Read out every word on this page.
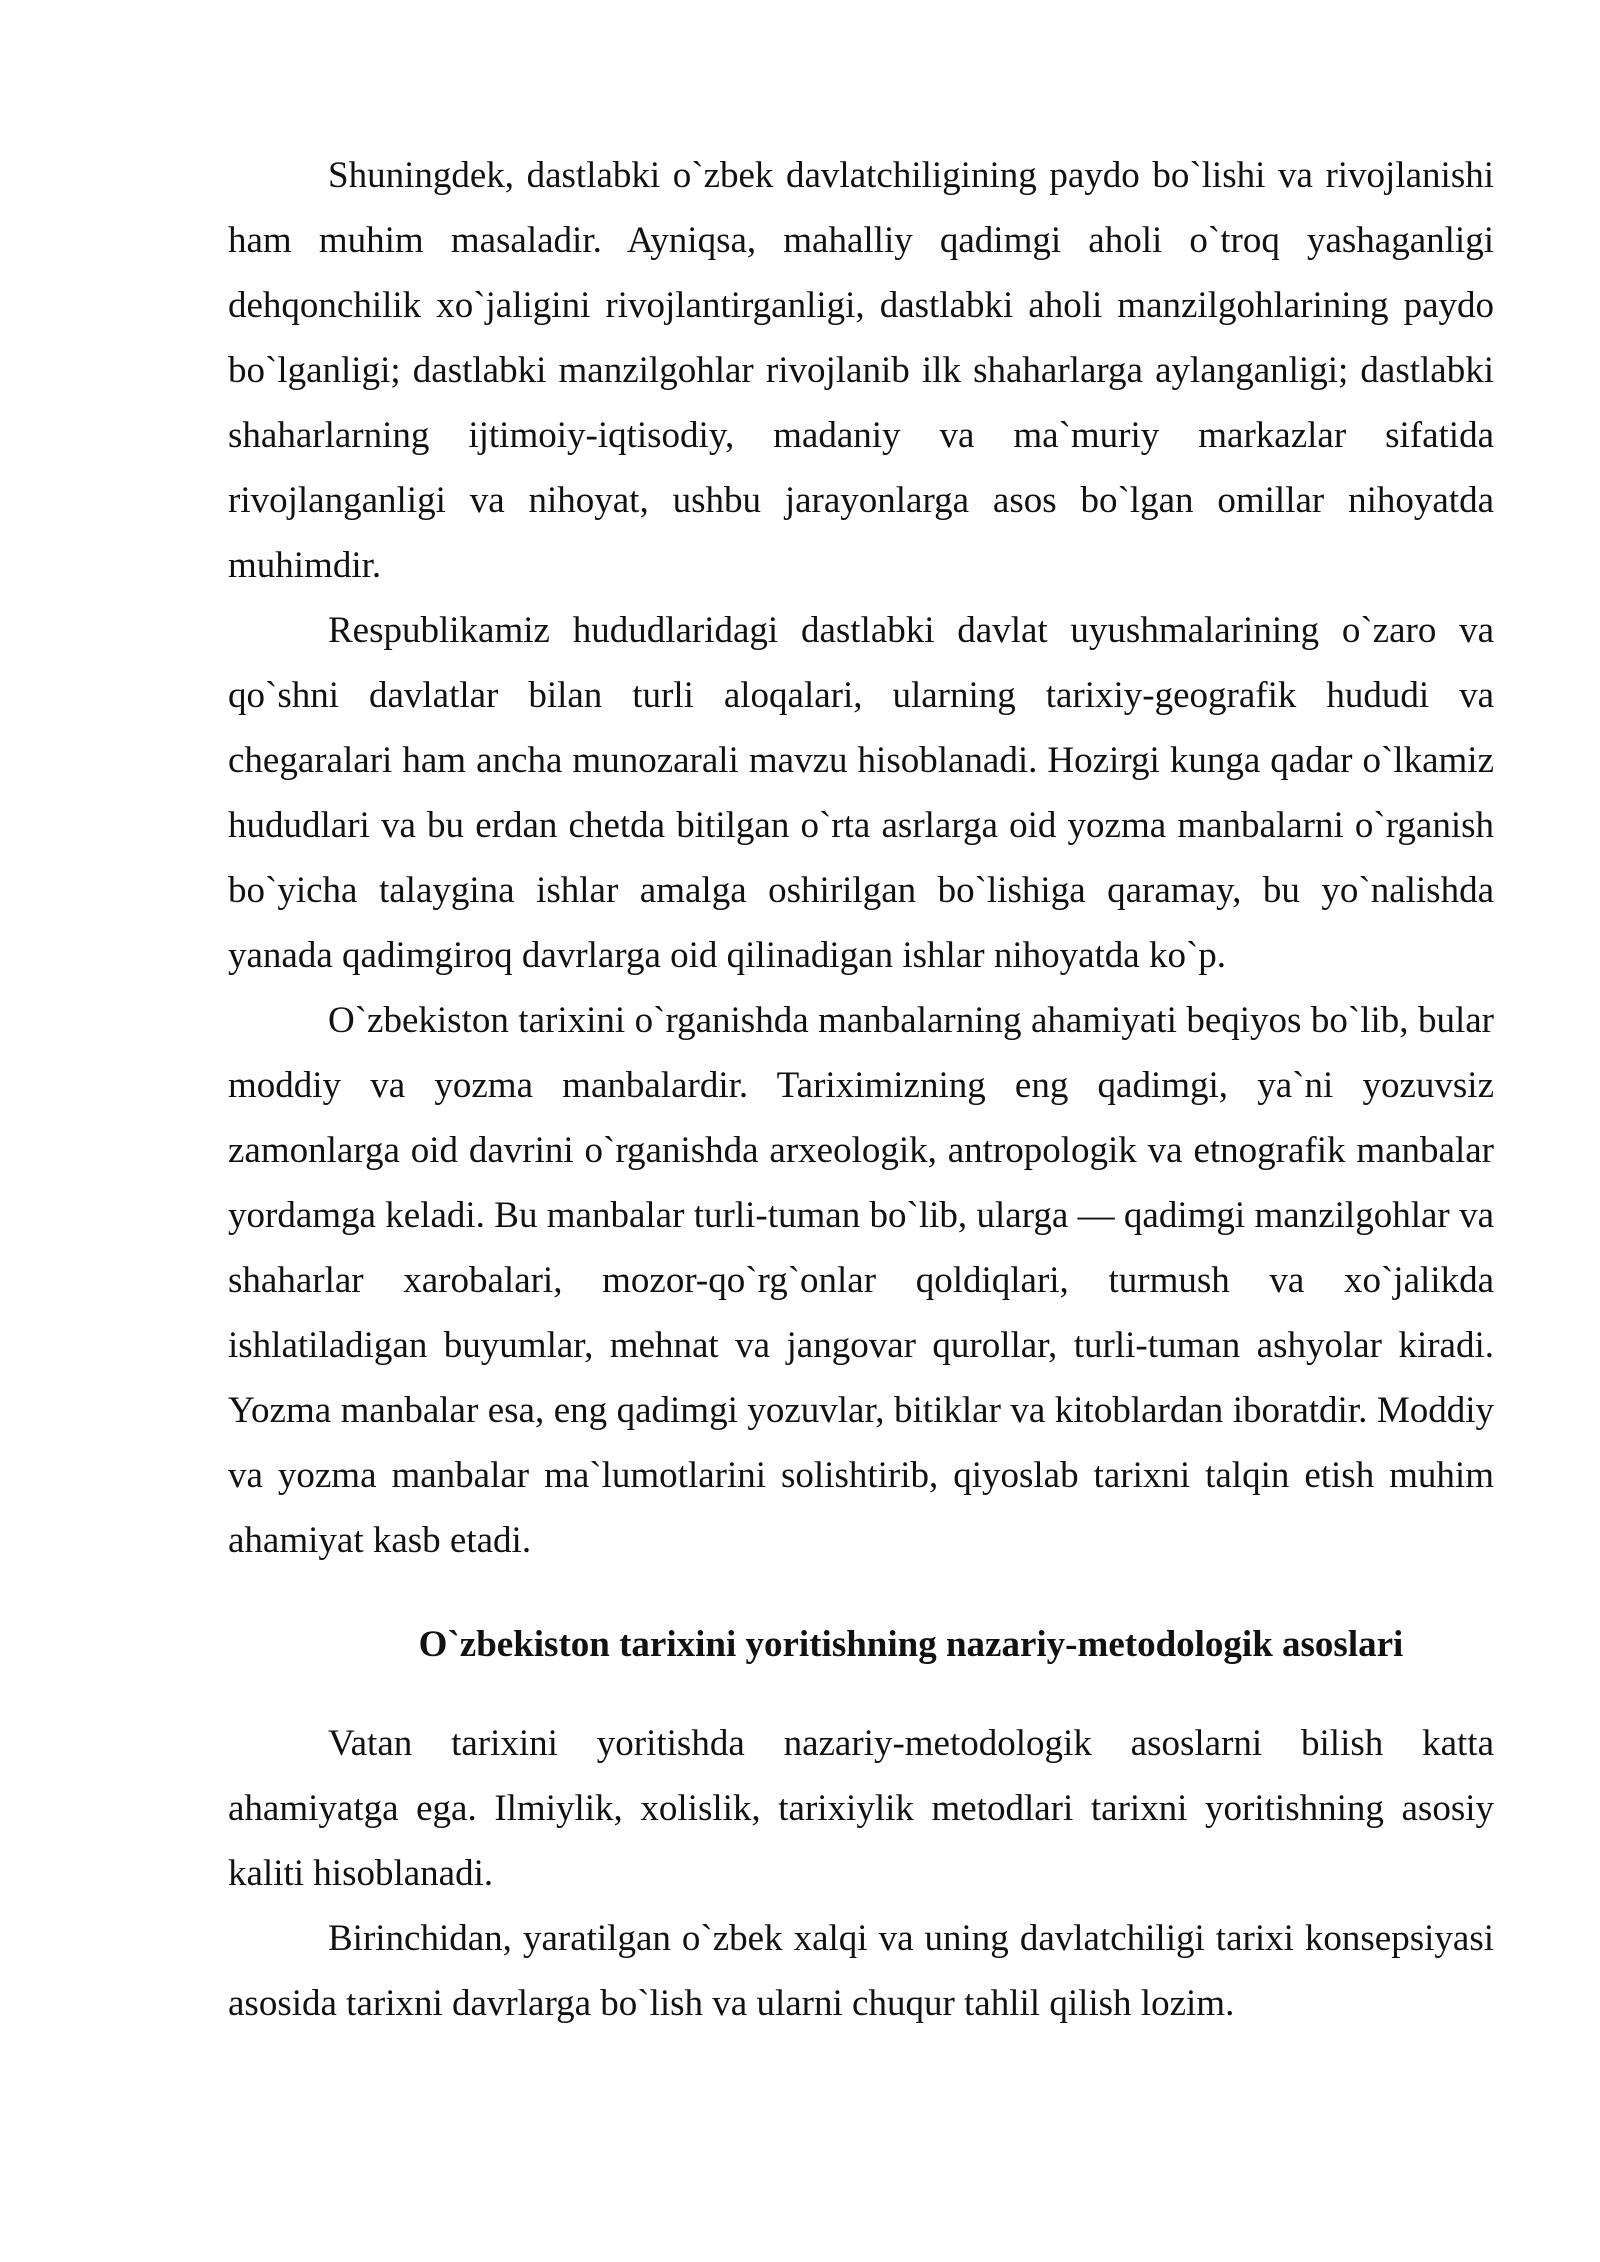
Shuningdek, dastlabki o`zbek davlatchiligining paydo bo`lishi va rivojlanishi ham muhim masaladir. Ayniqsa, mahalliy qadimgi aholi o`troq yashaganligi dehqonchilik xo`jaligini rivojlantirganligi, dastlabki aholi manzilgohlarining paydo bo`lganligi; dastlabki manzilgohlar rivojlanib ilk shaharlarga aylanganligi; dastlabki shaharlarning ijtimoiy-iqtisodiy, madaniy va ma`muriy markazlar sifatida rivojlanganligi va nihoyat, ushbu jarayonlarga asos bo`lgan omillar nihoyatda muhimdir.

Respublikamiz hududlaridagi dastlabki davlat uyushmalarining o`zaro va qo`shni davlatlar bilan turli aloqalari, ularning tarixiy-geografik hududi va chegaralari ham ancha munozarali mavzu hisoblanadi. Hozirgi kunga qadar o`lkamiz hududlari va bu erdan chetda bitilgan o`rta asrlarga oid yozma manbalarni o`rganish bo`yicha talaygina ishlar amalga oshirilgan bo`lishiga qaramay, bu yo`nalishda yanada qadimgiroq davrlarga oid qilinadigan ishlar nihoyatda ko`p.

O`zbekiston tarixini o`rganishda manbalarning ahamiyati beqiyos bo`lib, bular moddiy va yozma manbalardir. Tariximizning eng qadimgi, ya`ni yozuvsiz zamonlarga oid davrini o`rganishda arxeologik, antropologik va etnografik manbalar yordamga keladi. Bu manbalar turli-tuman bo`lib, ularga — qadimgi manzilgohlar va shaharlar xarobalari, mozor-qo`rg`onlar qoldiqlari, turmush va xo`jalikda ishlatiladigan buyumlar, mehnat va jangovar qurollar, turli-tuman ashyolar kiradi. Yozma manbalar esa, eng qadimgi yozuvlar, bitiklar va kitoblardan iboratdir. Moddiy va yozma manbalar ma`lumotlarini solishtirib, qiyoslab tarixni talqin etish muhim ahamiyat kasb etadi.

O`zbekiston tarixini yoritishning nazariy-metodologik asoslari

Vatan tarixini yoritishda nazariy-metodologik asoslarni bilish katta ahamiyatga ega. Ilmiylik, xolislik, tarixiylik metodlari tarixni yoritishning asosiy kaliti hisoblanadi.

Birinchidan, yaratilgan o`zbek xalqi va uning davlatchiligi tarixi konsepsiyasi asosida tarixni davrlarga bo`lish va ularni chuqur tahlil qilish lozim.
